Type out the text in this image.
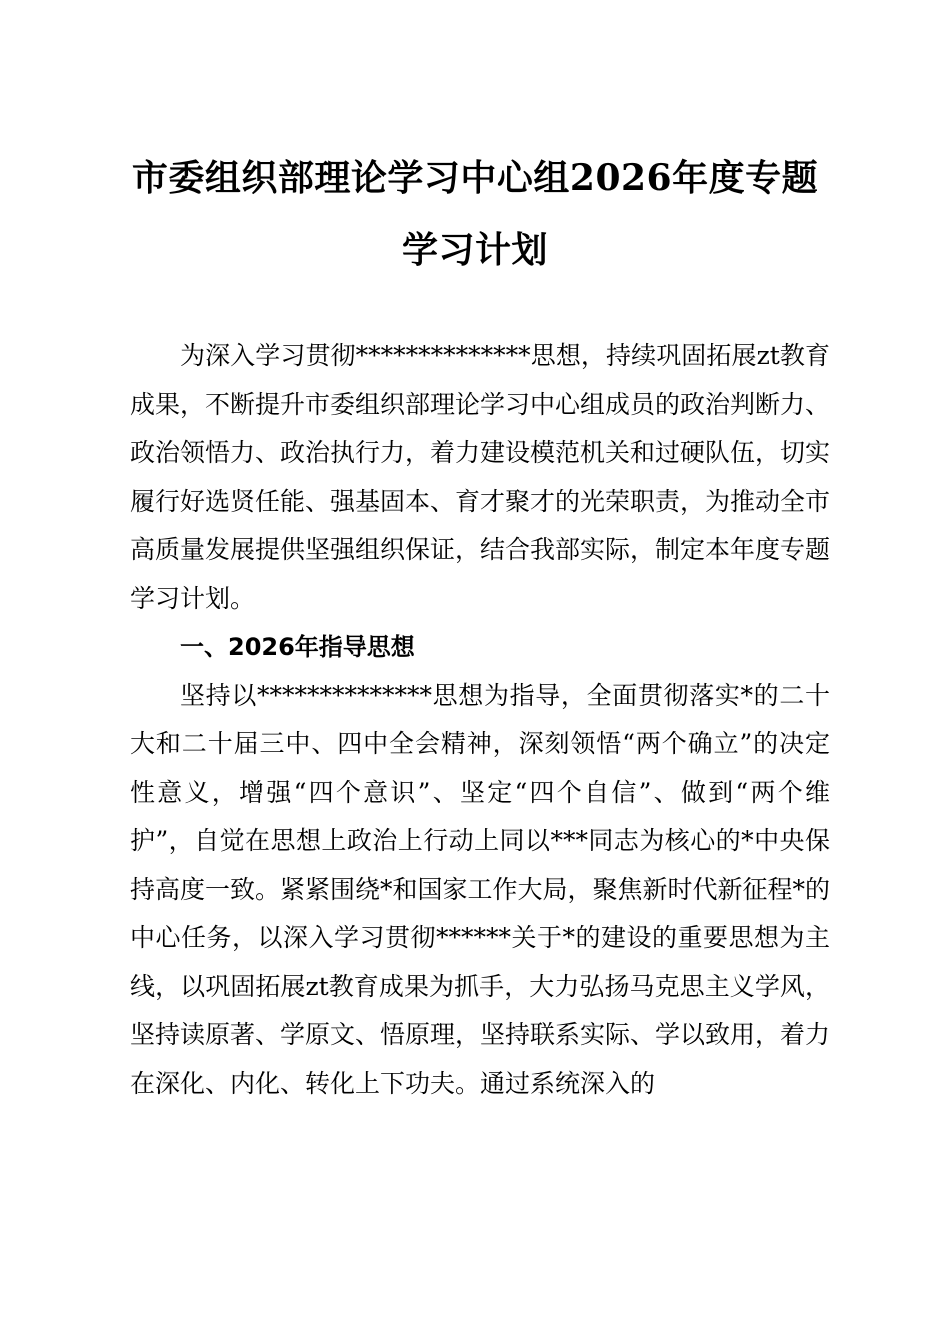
市委组织部理论学习中心组2026年度专题
学习计划

为深入学习贯彻**************思想，持续巩固拓展zt教育成果，不断提升市委组织部理论学习中心组成员的政治判断力、政治领悟力、政治执行力，着力建设模范机关和过硬队伍，切实履行好选贤任能、强基固本、育才聚才的光荣职责，为推动全市高质量发展提供坚强组织保证，结合我部实际，制定本年度专题学习计划。

一、2026年指导思想

坚持以**************思想为指导，全面贯彻落实*的二十大和二十届三中、四中全会精神，深刻领悟“两个确立”的决定性意义，增强“四个意识”、坚定“四个自信”、做到“两个维护”，自觉在思想上政治上行动上同以***同志为核心的*中央保持高度一致。紧紧围绕*和国家工作大局，聚焦新时代新征程*的中心任务，以深入学习贯彻******关于*的建设的重要思想为主线，以巩固拓展zt教育成果为抓手，大力弘扬马克思主义学风，坚持读原著、学原文、悟原理，坚持联系实际、学以致用，着力在深化、内化、转化上下功夫。通过系统深入的
